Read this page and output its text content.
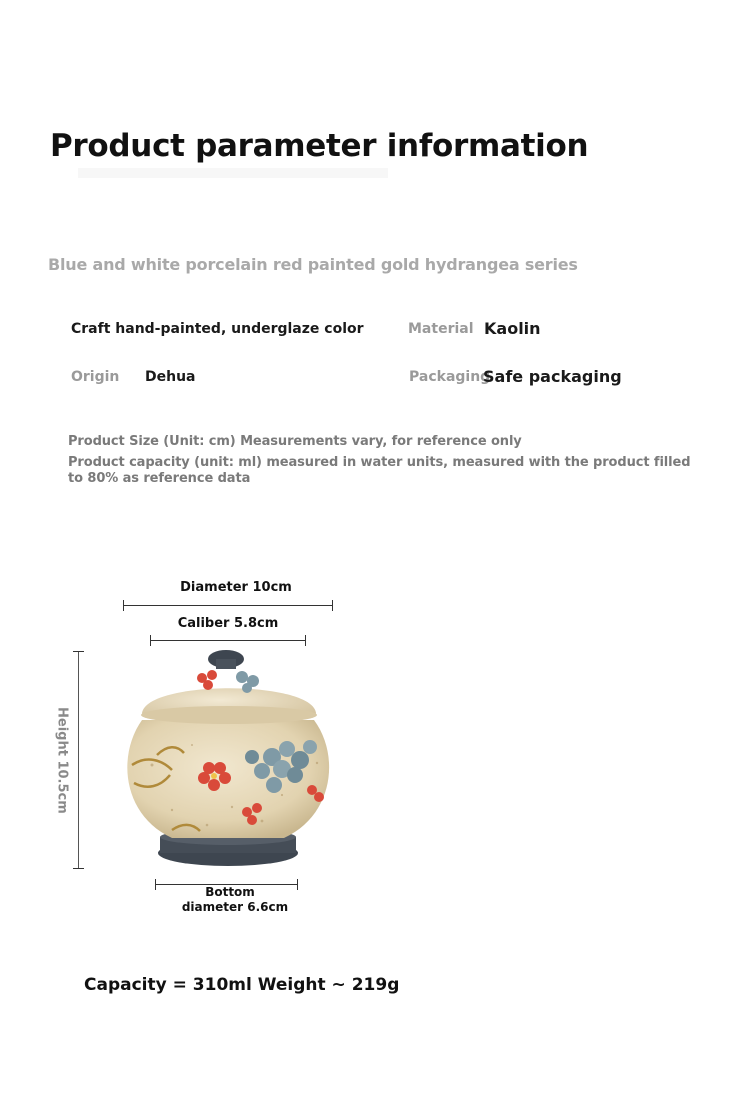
Product parameter information
Blue and white porcelain red painted gold hydrangea series
Craft hand-painted, underglaze color	Material Kaolin
Origin Dehua	Packaging
Safe packaging
Product Size (Unit: cm) Measurements vary, for reference only
Product capacity (unit: ml) measured in water units, measured with the product filled to 80% as reference data
Diameter 10cm
Caliber 5.8cm
Height 10.5cm
Bottom
diameter 6.6cm
Capacity = 310ml Weight ~ 219g
